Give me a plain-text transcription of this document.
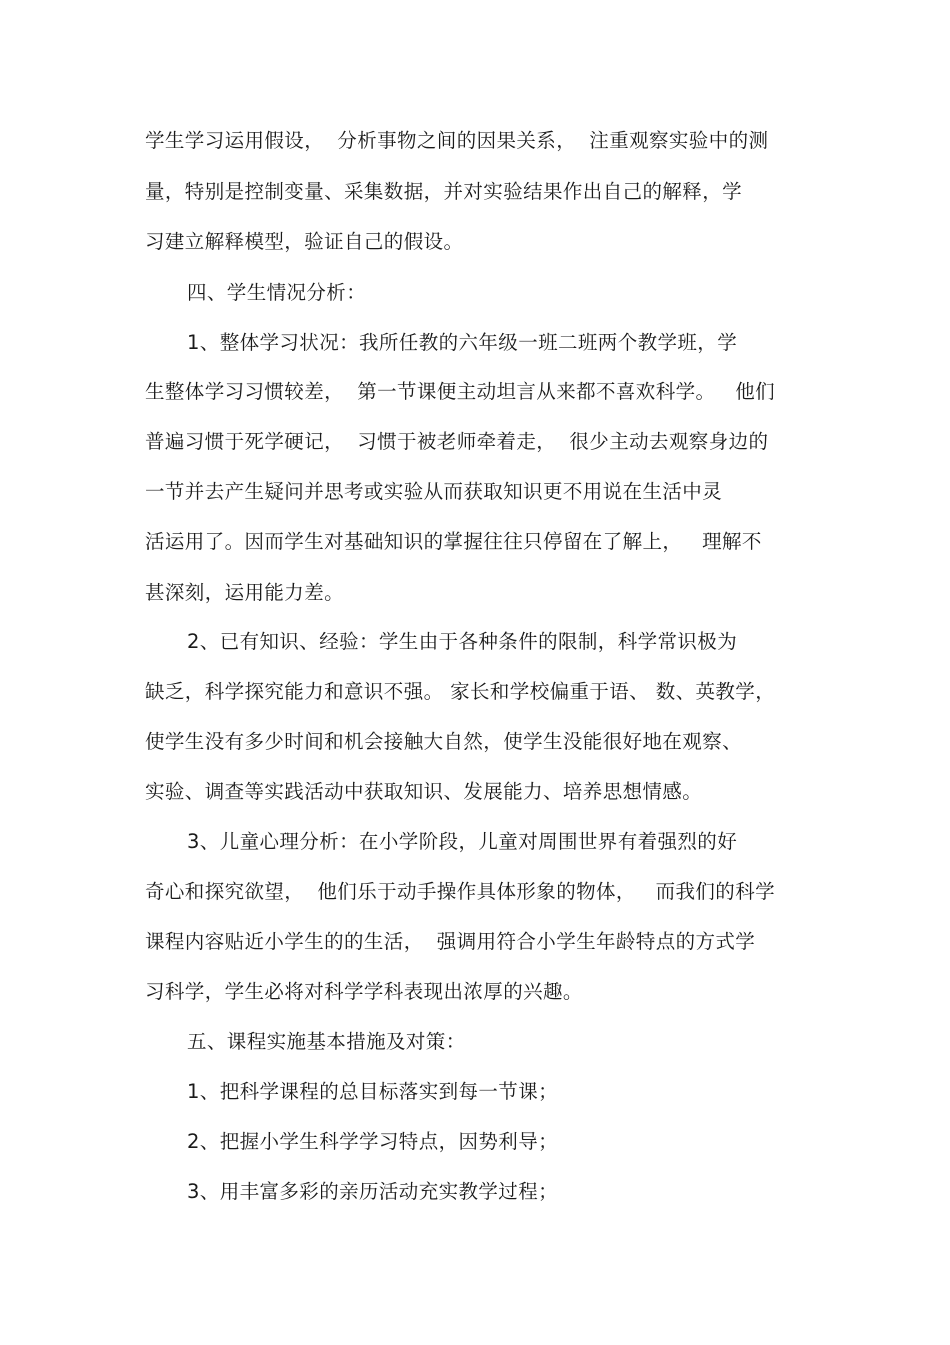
学生学习运用假设，  分析事物之间的因果关系，  注重观察实验中的测

量，特别是控制变量、采集数据，并对实验结果作出自己的解释，学

习建立解释模型，验证自己的假设。

四、学生情况分析：

1、整体学习状况：我所任教的六年级一班二班两个教学班，学

生整体学习习惯较差，  第一节课便主动坦言从来都不喜欢科学。   他们

普遍习惯于死学硬记，  习惯于被老师牵着走，  很少主动去观察身边的

一节并去产生疑问并思考或实验从而获取知识更不用说在生活中灵

活运用了。因而学生对基础知识的掌握往往只停留在了解上，   理解不

甚深刻，运用能力差。

2、已有知识、经验：学生由于各种条件的限制，科学常识极为

缺乏，科学探究能力和意识不强。 家长和学校偏重于语、 数、英教学，

使学生没有多少时间和机会接触大自然，使学生没能很好地在观察、

实验、调查等实践活动中获取知识、发展能力、培养思想情感。

3、儿童心理分析：在小学阶段，儿童对周围世界有着强烈的好

奇心和探究欲望，  他们乐于动手操作具体形象的物体，   而我们的科学

课程内容贴近小学生的的生活，  强调用符合小学生年龄特点的方式学

习科学，学生必将对科学学科表现出浓厚的兴趣。

五、课程实施基本措施及对策：

1、把科学课程的总目标落实到每一节课；

2、把握小学生科学学习特点，因势利导；

3、用丰富多彩的亲历活动充实教学过程；
